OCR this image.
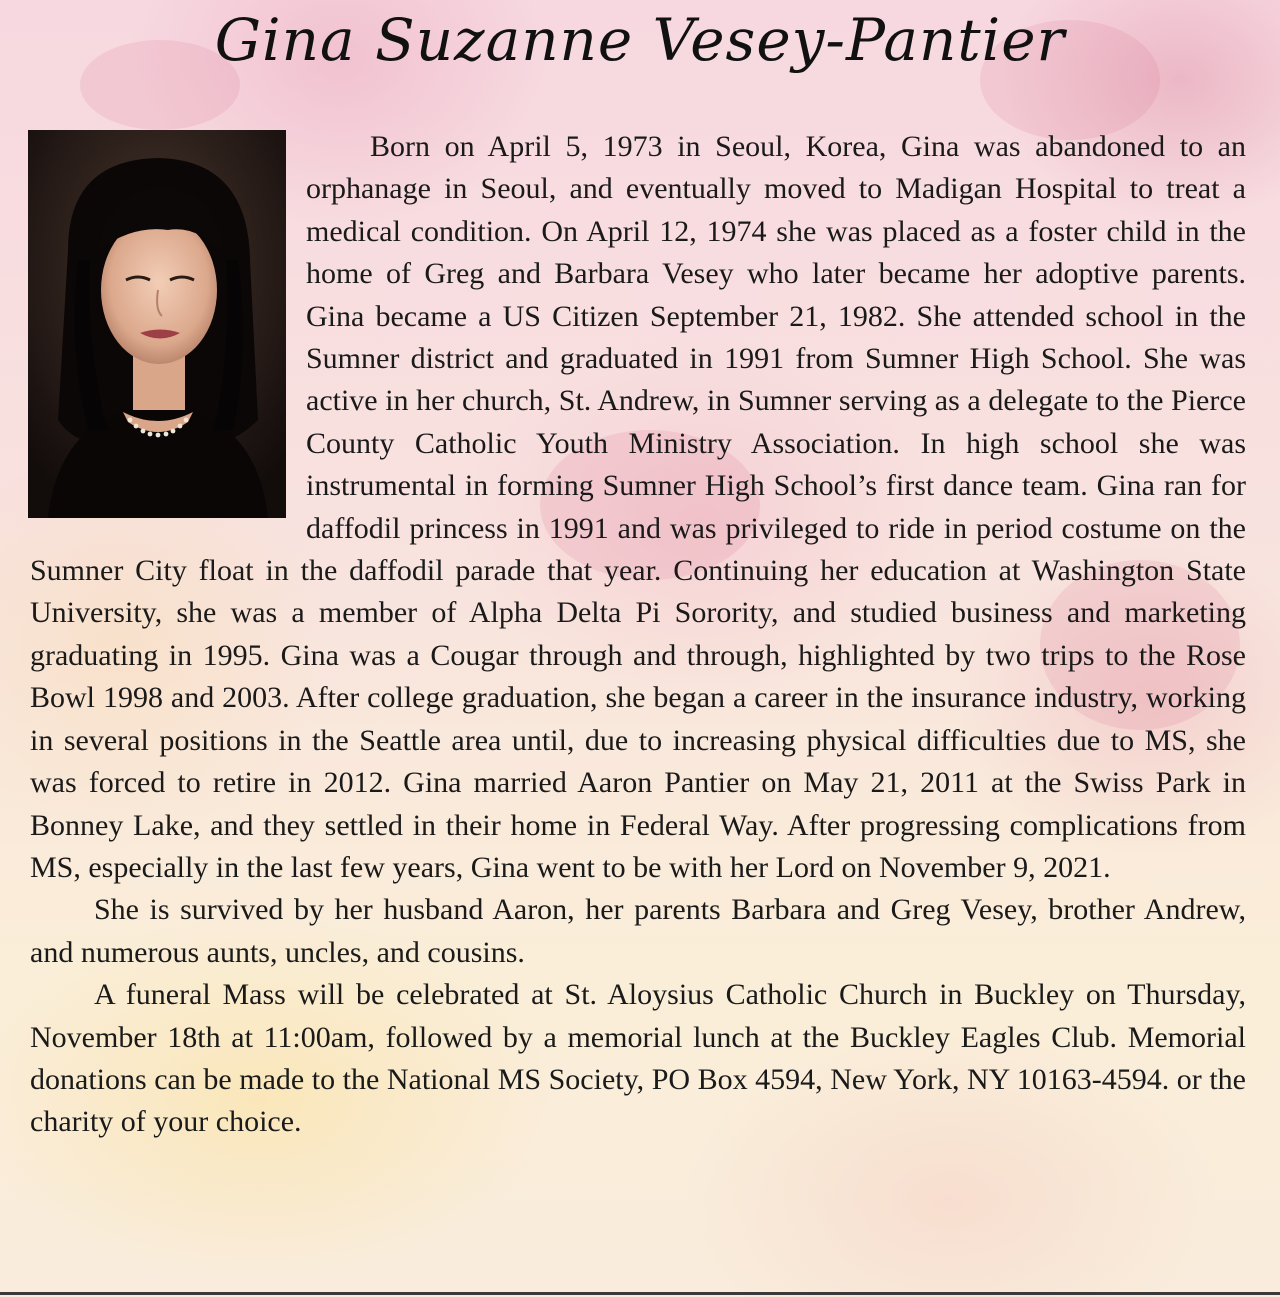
Gina Suzanne Vesey-Pantier

Born on April 5, 1973 in Seoul, Korea, Gina was abandoned to an orphanage in Seoul, and eventually moved to Madigan Hospital to treat a medical condition. On April 12, 1974 she was placed as a foster child in the home of Greg and Barbara Vesey who later became her adoptive parents. Gina became a US Citizen September 21, 1982. She attended school in the Sumner district and graduated in 1991 from Sumner High School. She was active in her church, St. Andrew, in Sumner serving as a delegate to the Pierce County Catholic Youth Ministry Association. In high school she was instrumental in forming Sumner High School’s first dance team. Gina ran for daffodil princess in 1991 and was privileged to ride in period costume on the Sumner City float in the daffodil parade that year. Continuing her education at Washington State University, she was a member of Alpha Delta Pi Sorority, and studied business and marketing graduating in 1995. Gina was a Cougar through and through, highlighted by two trips to the Rose Bowl 1998 and 2003. After college graduation, she began a career in the insurance industry, working in several positions in the Seattle area until, due to increasing physical difficulties due to MS, she was forced to retire in 2012. Gina married Aaron Pantier on May 21, 2011 at the Swiss Park in Bonney Lake, and they settled in their home in Federal Way. After progressing complications from MS, especially in the last few years, Gina went to be with her Lord on November 9, 2021.

She is survived by her husband Aaron, her parents Barbara and Greg Vesey, brother Andrew, and numerous aunts, uncles, and cousins.

A funeral Mass will be celebrated at St. Aloysius Catholic Church in Buckley on Thursday, November 18th at 11:00am, followed by a memorial lunch at the Buckley Eagles Club. Memorial donations can be made to the National MS Society, PO Box 4594, New York, NY 10163-4594. or the charity of your choice.
